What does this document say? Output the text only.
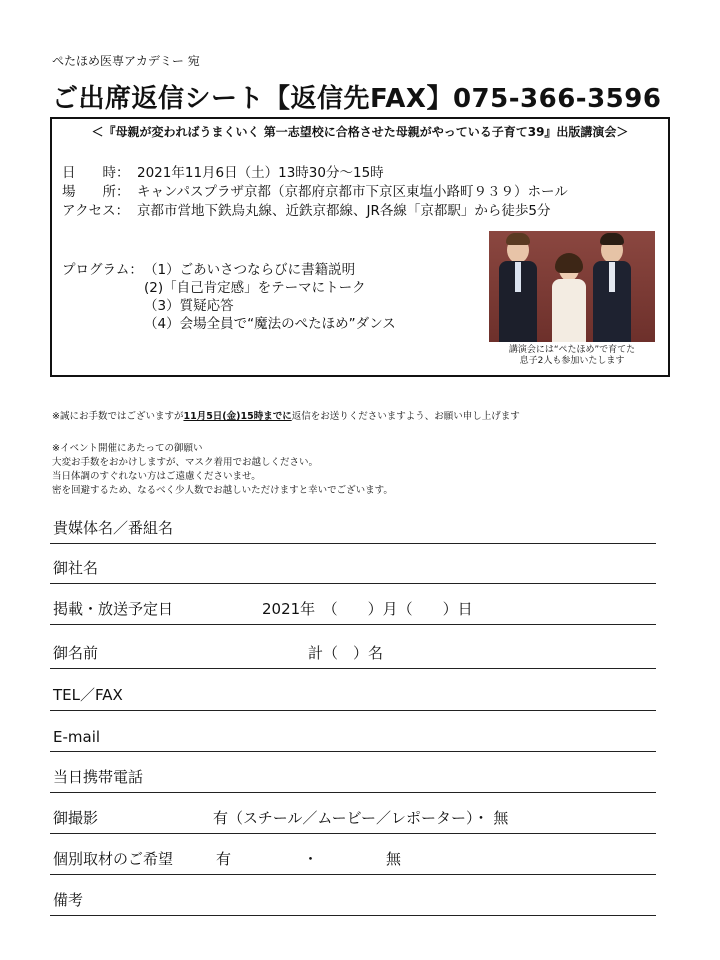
ぺたほめ医専アカデミー 宛
ご出席返信シート【返信先FAX】075-366-3596
＜『母親が変わればうまくいく 第一志望校に合格させた母親がやっている子育て39』出版講演会＞
日　　時： 2021年11月6日（土）13時30分～15時
場　　所： キャンパスプラザ京都（京都府京都市下京区東塩小路町９３９）ホール
アクセス： 京都市営地下鉄烏丸線、近鉄京都線、JR各線「京都駅」から徒歩5分
プログラム： （1）ごあいさつならびに書籍説明
(2)「自己肯定感」をテーマにトーク
（3）質疑応答
（4）会場全員で“魔法のぺたほめ”ダンス
講演会には“ぺたほめ”で育てた
息子2人も参加いたします
※誠にお手数ではございますが11月5日(金)15時までに返信をお送りくださいますよう、お願い申し上げます
※イベント開催にあたっての御願い
大変お手数をおかけしますが、マスク着用でお越しください。
当日体調のすぐれない方はご遠慮くださいませ。
密を回避するため、なるべく少人数でお越しいただけますと幸いでございます。
貴媒体名／番組名
御社名
掲載・放送予定日	2021年　（　　）月（　　）日
御名前	計（　）名
TEL／FAX
E-mail
当日携帯電話
御撮影	有（スチール／ムービー／レポーター）・ 無
個別取材のご希望	有	・	無
備考
